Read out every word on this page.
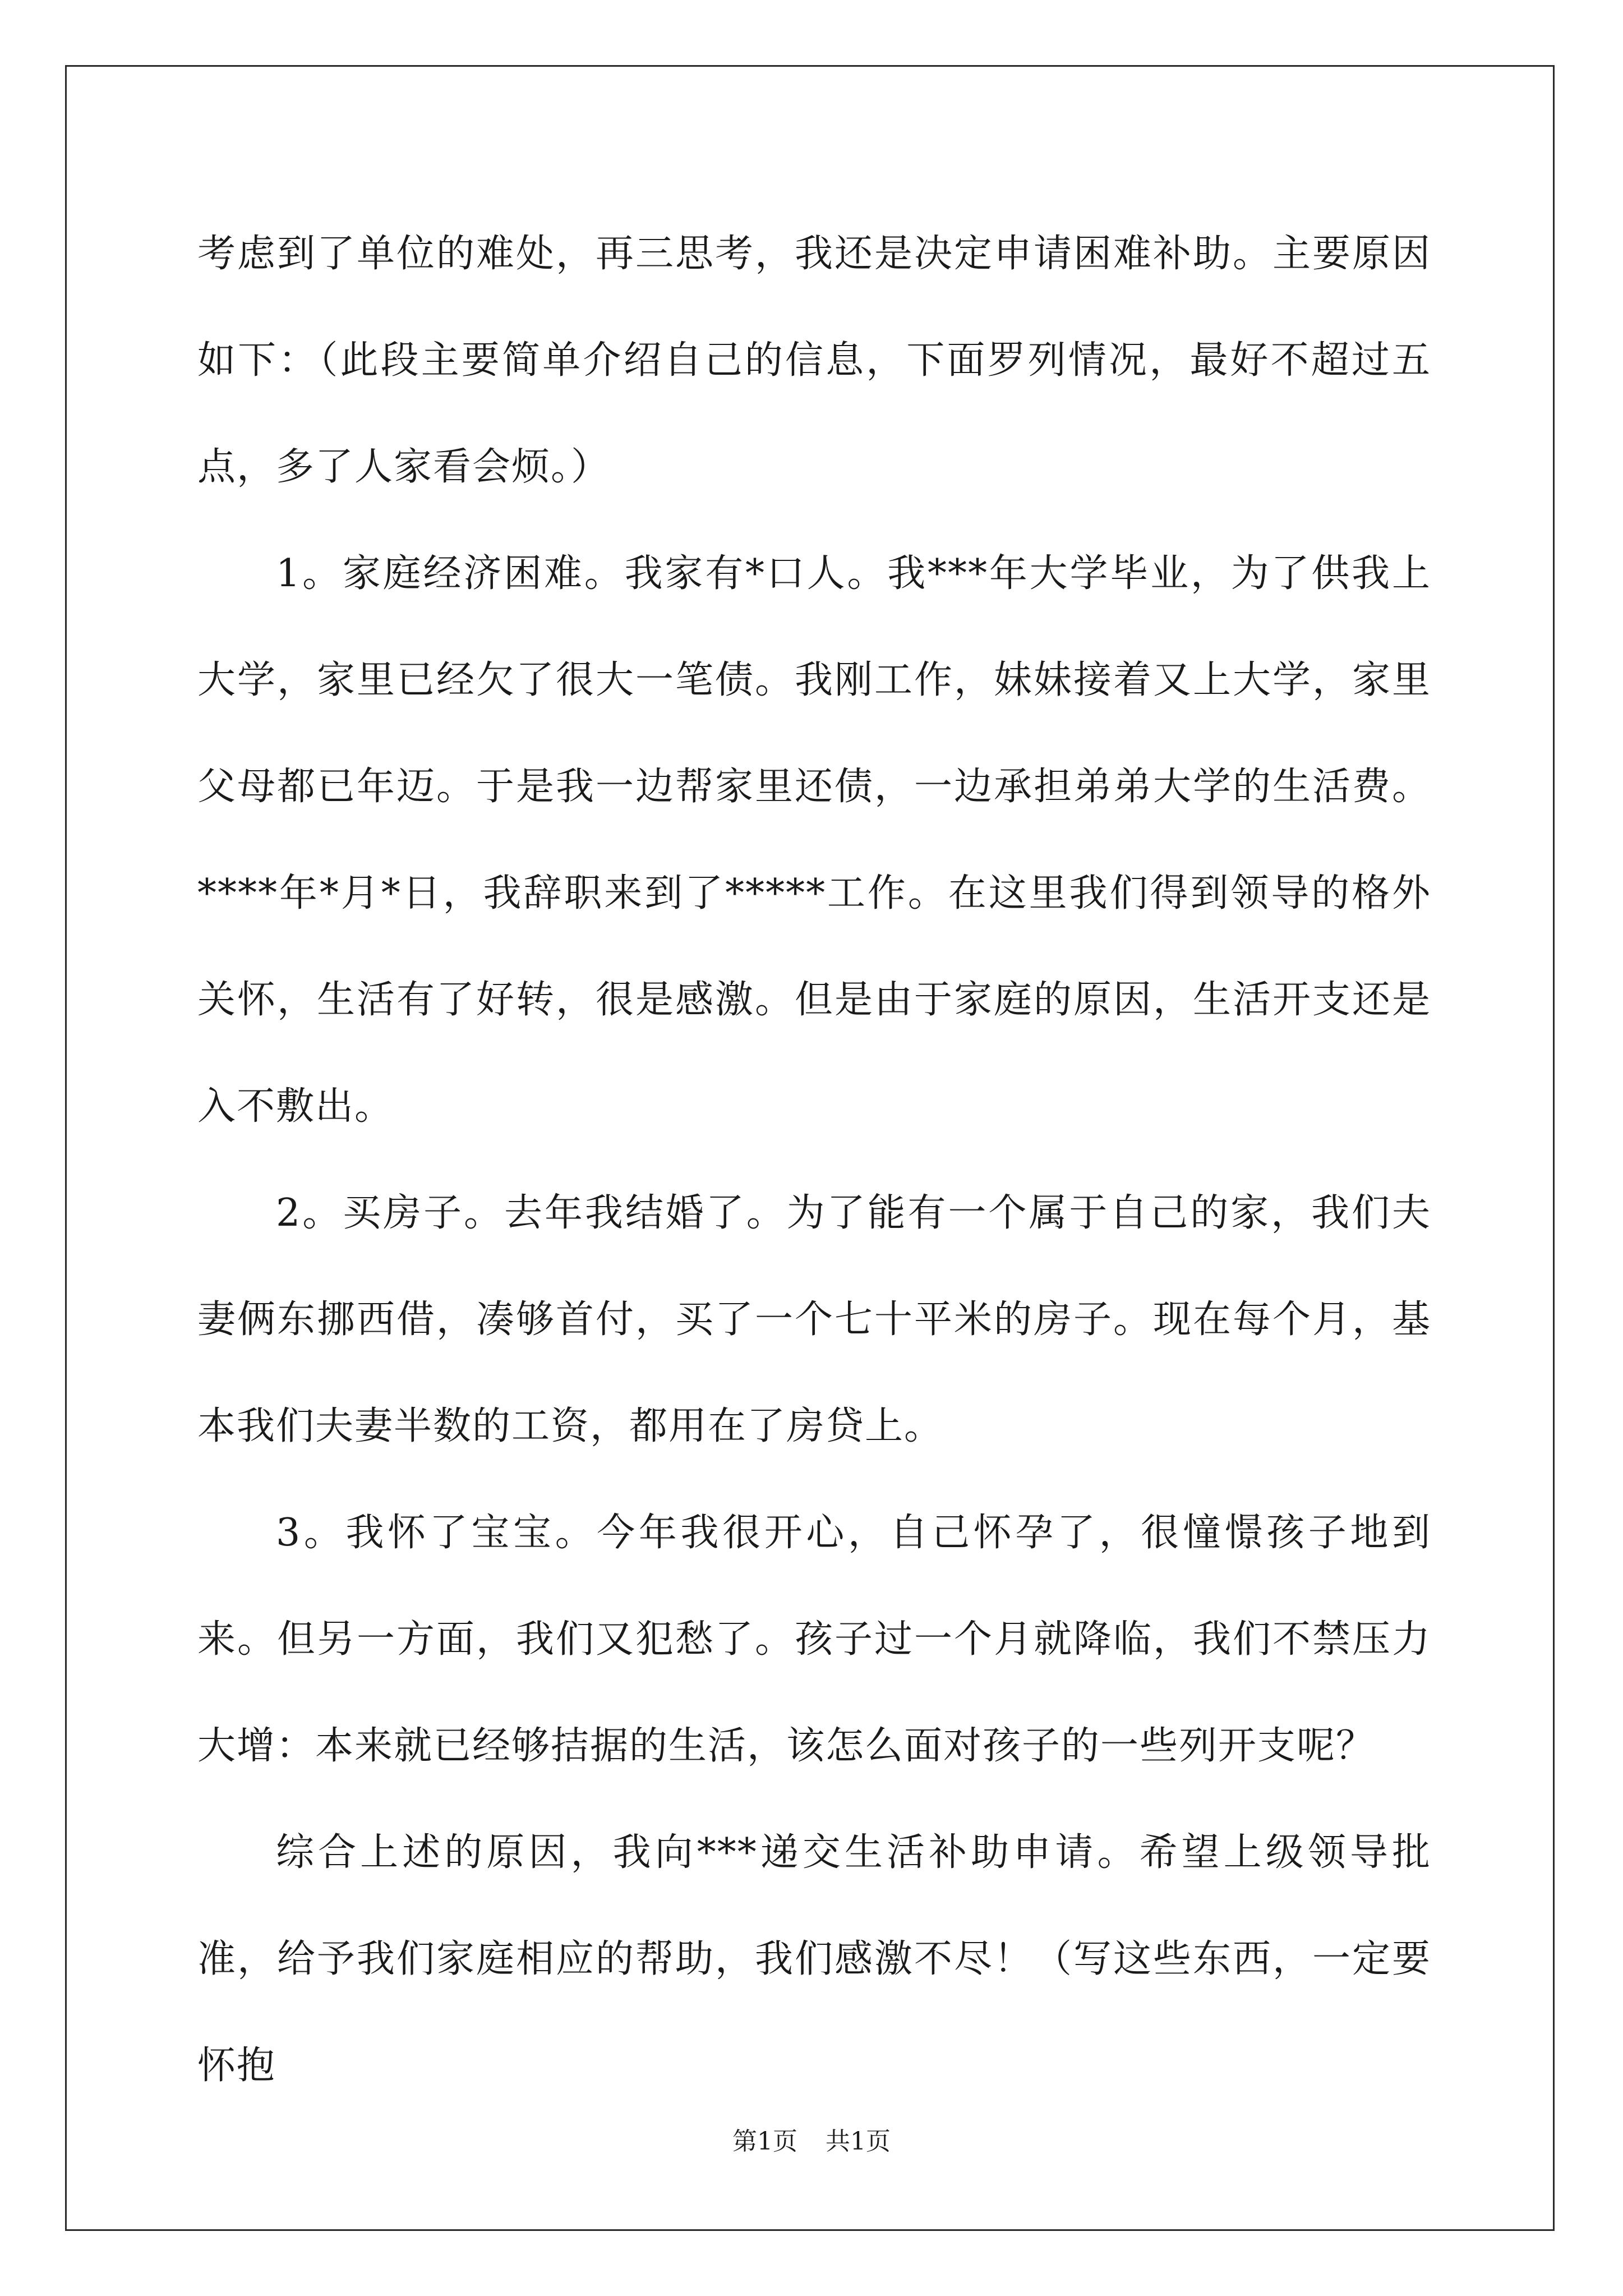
考虑到了单位的难处，再三思考，我还是决定申请困难补助。主要原因如下：（此段主要简单介绍自己的信息，下面罗列情况，最好不超过五点，多了人家看会烦。）

1。家庭经济困难。我家有*口人。我***年大学毕业，为了供我上大学，家里已经欠了很大一笔债。我刚工作，妹妹接着又上大学，家里父母都已年迈。于是我一边帮家里还债，一边承担弟弟大学的生活费。****年*月*日，我辞职来到了*****工作。在这里我们得到领导的格外关怀，生活有了好转，很是感激。但是由于家庭的原因，生活开支还是入不敷出。

2。买房子。去年我结婚了。为了能有一个属于自己的家，我们夫妻俩东挪西借，凑够首付，买了一个七十平米的房子。现在每个月，基本我们夫妻半数的工资，都用在了房贷上。

3。我怀了宝宝。今年我很开心，自己怀孕了，很憧憬孩子地到来。但另一方面，我们又犯愁了。孩子过一个月就降临，我们不禁压力大增：本来就已经够拮据的生活，该怎么面对孩子的一些列开支呢？

综合上述的原因，我向***递交生活补助申请。希望上级领导批准，给予我们家庭相应的帮助，我们感激不尽！（写这些东西，一定要怀抱

第1页 共1页
